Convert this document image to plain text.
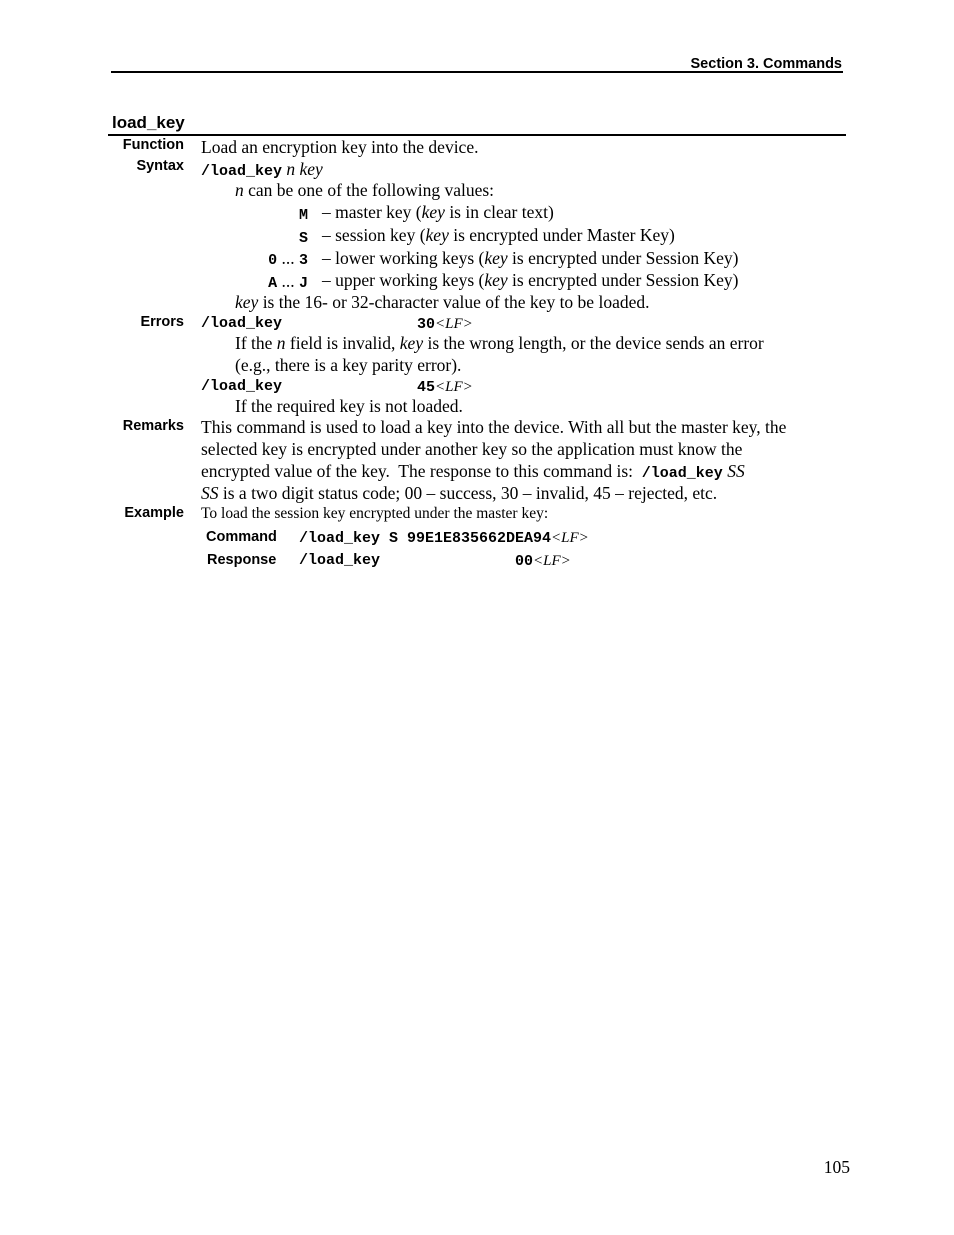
Section 3. Commands
load_key
Function Load an encryption key into the device.
Syntax /load_key n key
n can be one of the following values:
M – master key (key is in clear text)
S – session key (key is encrypted under Master Key)
0 ... 3 – lower working keys (key is encrypted under Session Key)
A ... J – upper working keys (key is encrypted under Session Key)
key is the 16- or 32-character value of the key to be loaded.
Errors /load_key	30<LF>
If the n field is invalid, key is the wrong length, or the device sends an error
(e.g., there is a key parity error).
/load_key	45<LF>
If the required key is not loaded.
Remarks This command is used to load a key into the device. With all but the master key, the
selected key is encrypted under another key so the application must know the
encrypted value of the key.  The response to this command is:  /load_key SS
SS is a two digit status code; 00 – success, 30 – invalid, 45 – rejected, etc.
Example To load the session key encrypted under the master key:
Command /load_key S 99E1E835662DEA94<LF>
Response /load_key	00<LF>
105
